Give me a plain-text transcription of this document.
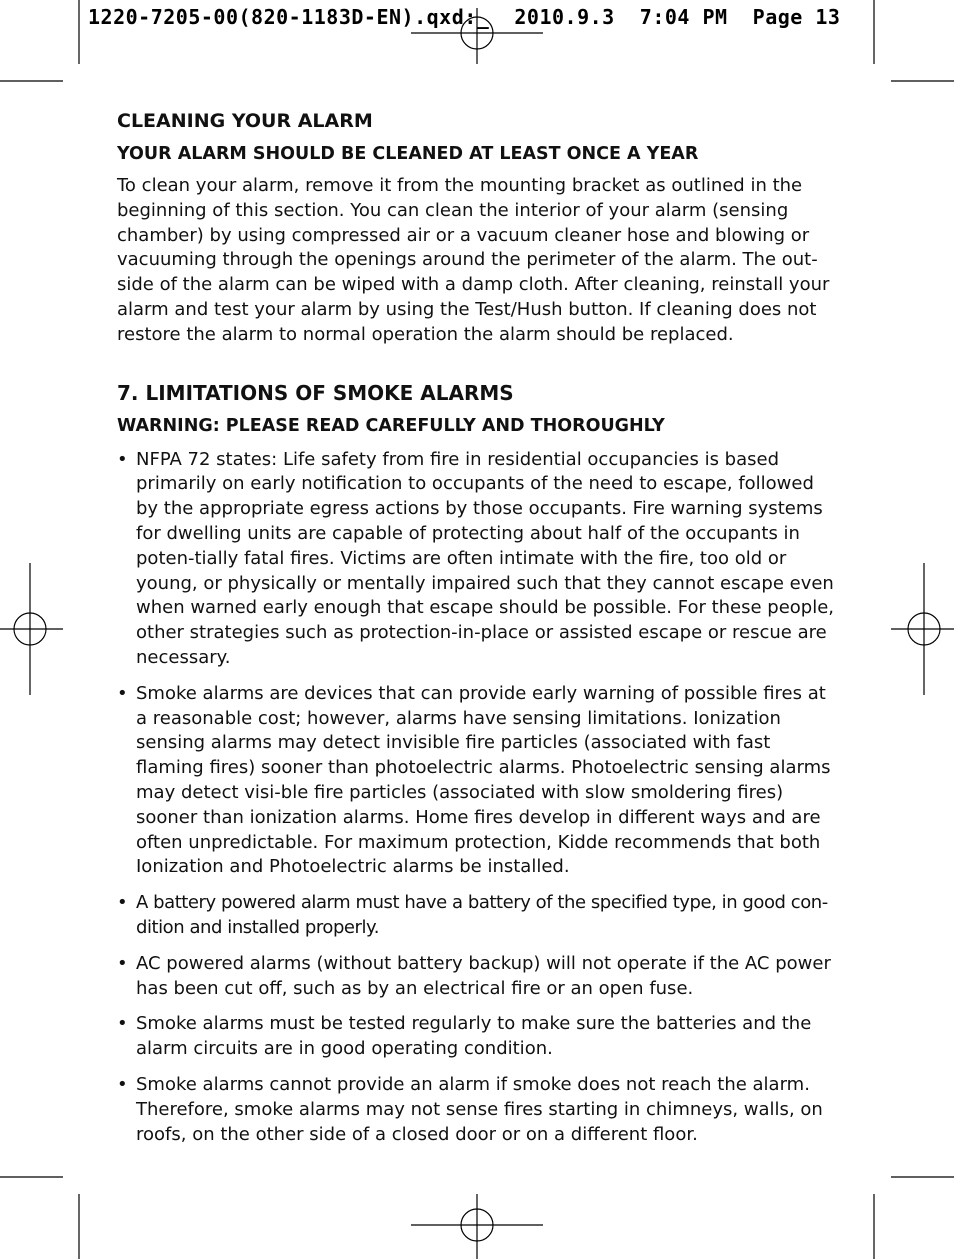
1220-7205-00(820-1183D-EN).qxd:_  2010.9.3  7:04 PM  Page 13
CLEANING YOUR ALARM
YOUR ALARM SHOULD BE CLEANED AT LEAST ONCE A YEAR

To clean your alarm, remove it from the mounting bracket as outlined in the beginning of this section. You can clean the interior of your alarm (sensing chamber) by using compressed air or a vacuum cleaner hose and blowing or vacuuming through the openings around the perimeter of the alarm. The out-side of the alarm can be wiped with a damp cloth. After cleaning, reinstall your alarm and test your alarm by using the Test/Hush button. If cleaning does not restore the alarm to normal operation the alarm should be replaced.

7. LIMITATIONS OF SMOKE ALARMS
WARNING: PLEASE READ CAREFULLY AND THOROUGHLY
• NFPA 72 states: Life safety from fire in residential occupancies is based primarily on early notification to occupants of the need to escape, followed by the appropriate egress actions by those occupants. Fire warning systems for dwelling units are capable of protecting about half of the occupants in poten-tially fatal fires. Victims are often intimate with the fire, too old or young, or physically or mentally impaired such that they cannot escape even when warned early enough that escape should be possible. For these people, other strategies such as protection-in-place or assisted escape or rescue are necessary.
• Smoke alarms are devices that can provide early warning of possible fires at a reasonable cost; however, alarms have sensing limitations. Ionization sensing alarms may detect invisible fire particles (associated with fast flaming fires) sooner than photoelectric alarms. Photoelectric sensing alarms may detect visi-ble fire particles (associated with slow smoldering fires) sooner than ionization alarms. Home fires develop in different ways and are often unpredictable. For maximum protection, Kidde recommends that both Ionization and Photoelectric alarms be installed.
• A battery powered alarm must have a battery of the specified type, in good con-dition and installed properly.
• AC powered alarms (without battery backup) will not operate if the AC power has been cut off, such as by an electrical fire or an open fuse.
• Smoke alarms must be tested regularly to make sure the batteries and the alarm circuits are in good operating condition.
• Smoke alarms cannot provide an alarm if smoke does not reach the alarm. Therefore, smoke alarms may not sense fires starting in chimneys, walls, on roofs, on the other side of a closed door or on a different floor.
